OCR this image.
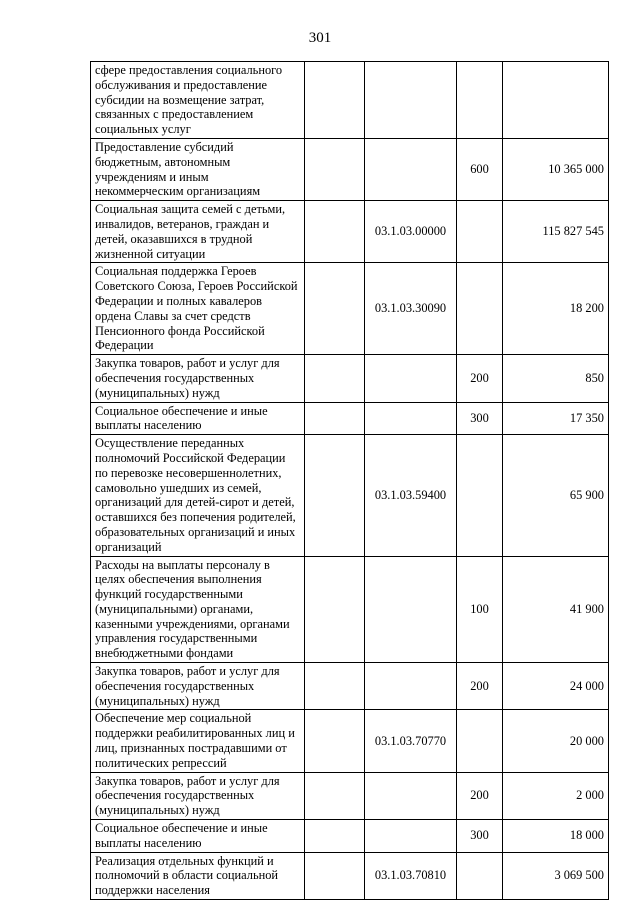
301
сфере предоставления социального обслуживания и предоставление субсидии на возмещение затрат, связанных с предоставлением социальных услуг				
Предоставление субсидий бюджетным, автономным учреждениям и иным некоммерческим организациям			600	10 365 000
Социальная защита семей с детьми, инвалидов, ветеранов, граждан и детей, оказавшихся в трудной жизненной ситуации		03.1.03.00000		115 827 545
Социальная поддержка Героев Советского Союза, Героев Российской Федерации и полных кавалеров ордена Славы за счет средств Пенсионного фонда Российской Федерации		03.1.03.30090		18 200
Закупка товаров, работ и услуг для обеспечения государственных (муниципальных) нужд			200	850
Социальное обеспечение и иные выплаты населению			300	17 350
Осуществление переданных полномочий Российской Федерации по перевозке несовершеннолетних, самовольно ушедших из семей, организаций для детей-сирот и детей, оставшихся без попечения родителей, образовательных организаций и иных организаций		03.1.03.59400		65 900
Расходы на выплаты персоналу в целях обеспечения выполнения функций государственными (муниципальными) органами, казенными учреждениями, органами управления государственными внебюджетными фондами			100	41 900
Закупка товаров, работ и услуг для обеспечения государственных (муниципальных) нужд			200	24 000
Обеспечение мер социальной поддержки реабилитированных лиц и лиц, признанных пострадавшими от политических репрессий		03.1.03.70770		20 000
Закупка товаров, работ и услуг для обеспечения государственных (муниципальных) нужд			200	2 000
Социальное обеспечение и иные выплаты населению			300	18 000
Реализация отдельных функций и полномочий в области социальной поддержки населения		03.1.03.70810		3 069 500
